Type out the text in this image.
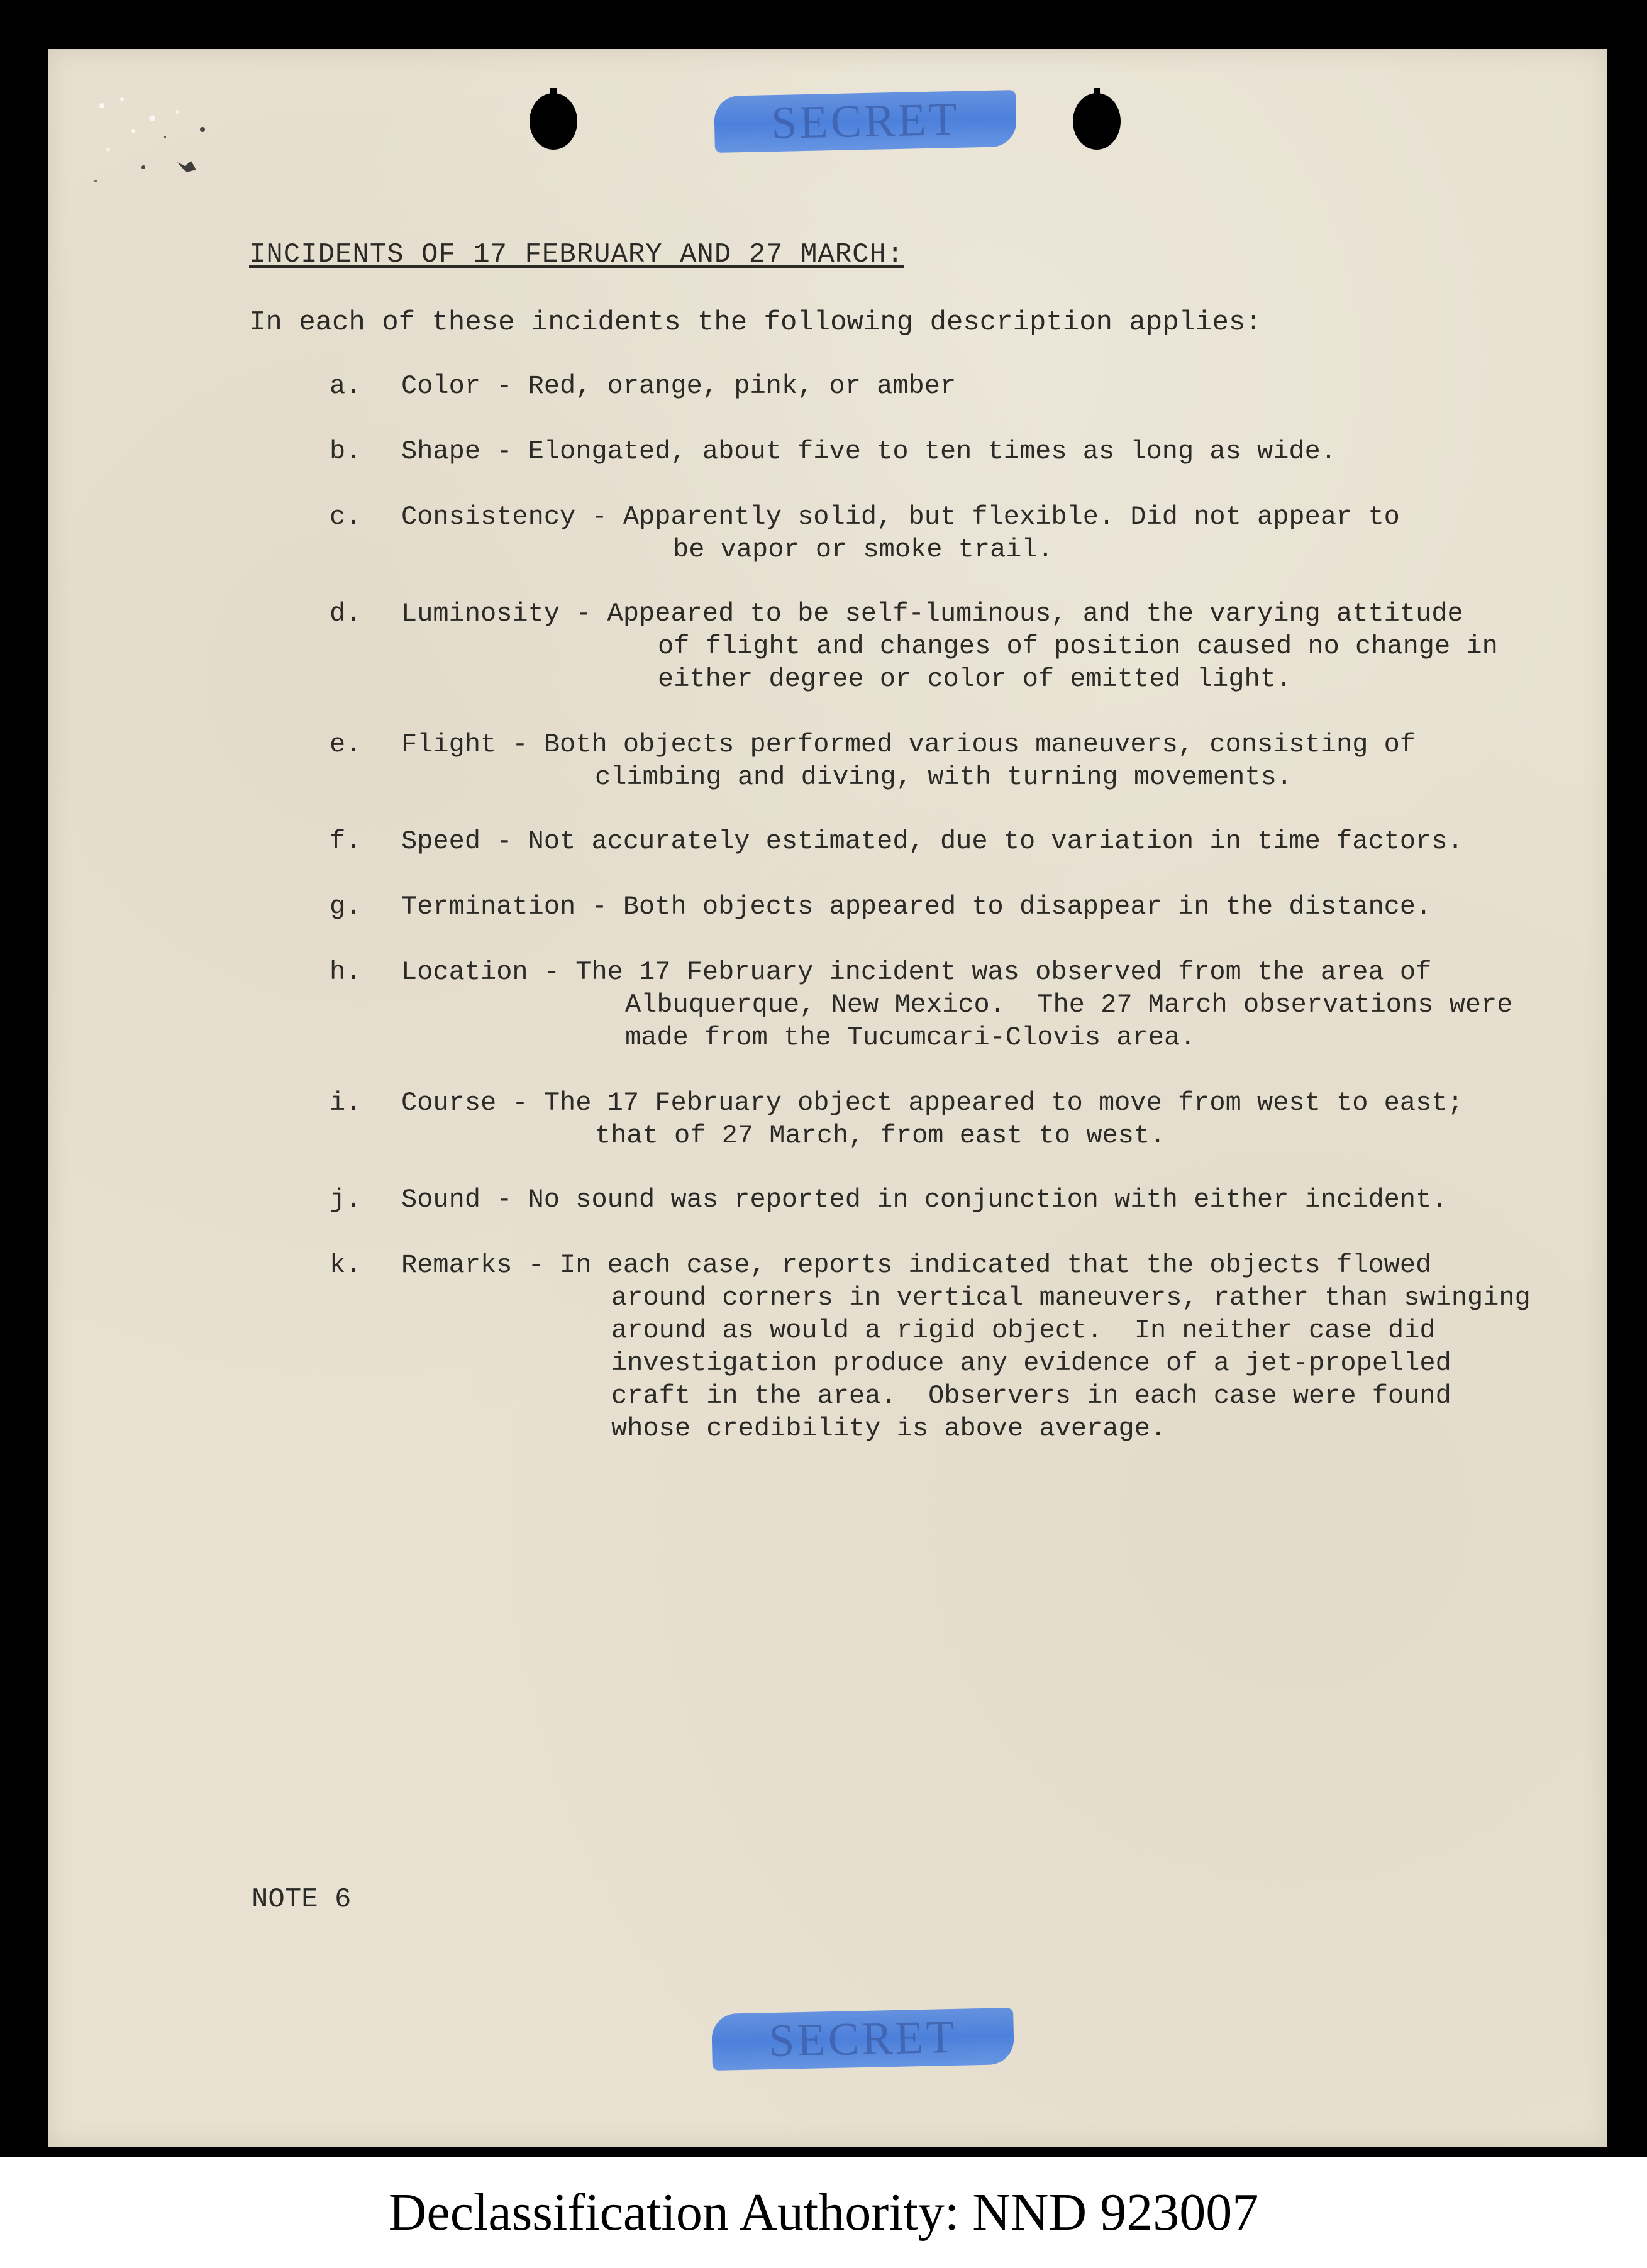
SECRET
INCIDENTS OF 17 FEBRUARY AND 27 MARCH:
In each of these incidents the following description applies:
a. Color - Red, orange, pink, or amber
b. Shape - Elongated, about five to ten times as long as wide.
c. Consistency - Apparently solid, but flexible. Did not appear to
be vapor or smoke trail.
d. Luminosity - Appeared to be self-luminous, and the varying attitude
of flight and changes of position caused no change in
either degree or color of emitted light.
e. Flight - Both objects performed various maneuvers, consisting of
climbing and diving, with turning movements.
f. Speed - Not accurately estimated, due to variation in time factors.
g. Termination - Both objects appeared to disappear in the distance.
h. Location - The 17 February incident was observed from the area of
Albuquerque, New Mexico.  The 27 March observations were
made from the Tucumcari-Clovis area.
i. Course - The 17 February object appeared to move from west to east;
that of 27 March, from east to west.
j. Sound - No sound was reported in conjunction with either incident.
k. Remarks - In each case, reports indicated that the objects flowed
around corners in vertical maneuvers, rather than swinging
around as would a rigid object.  In neither case did
investigation produce any evidence of a jet-propelled
craft in the area.  Observers in each case were found
whose credibility is above average.
NOTE 6
SECRET
Declassification Authority: NND 923007
